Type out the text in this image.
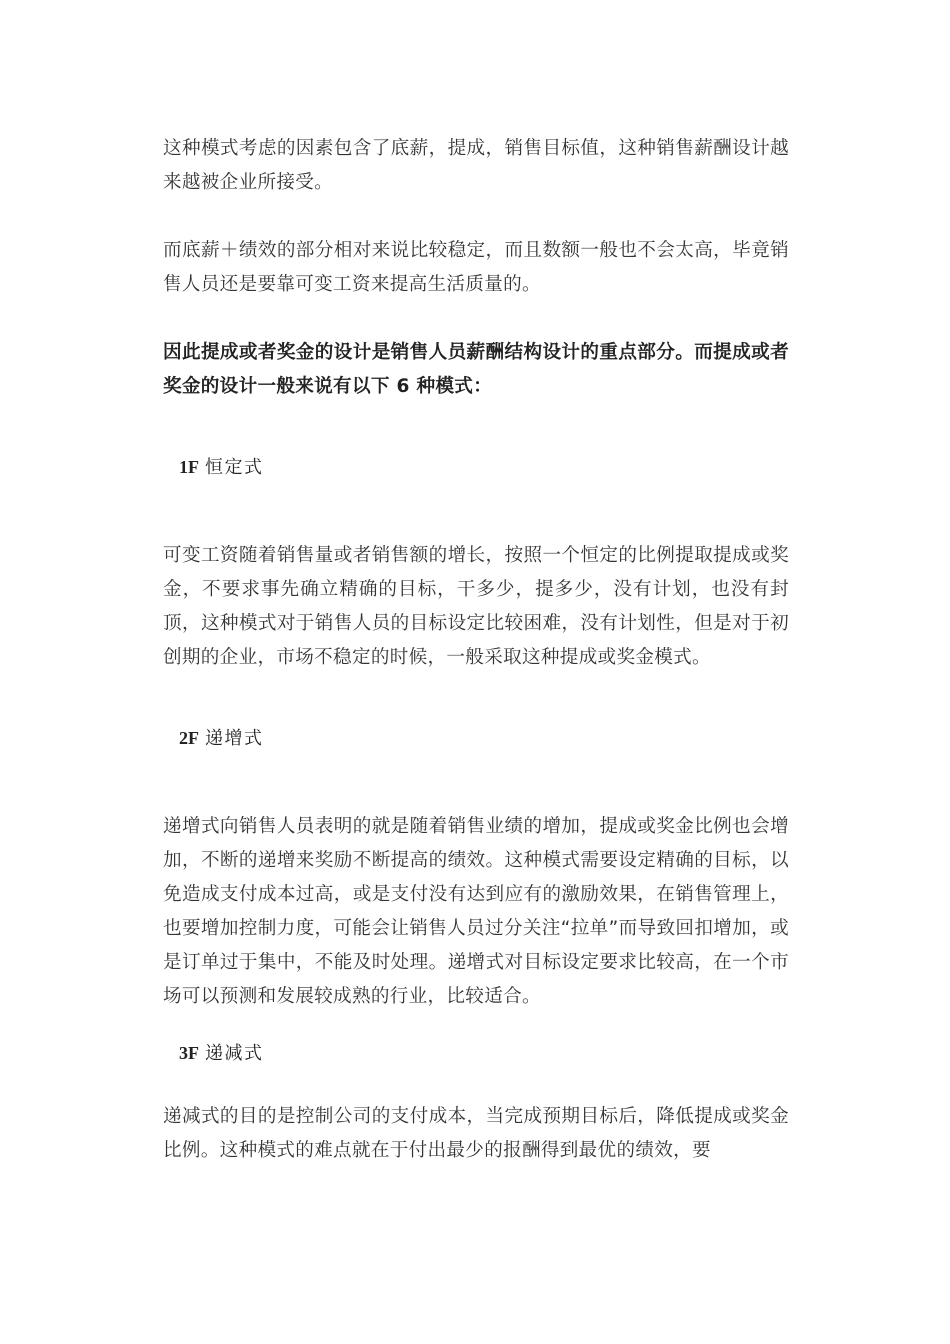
这种模式考虑的因素包含了底薪，提成，销售目标值，这种销售薪酬设计越来越被企业所接受。

而底薪＋绩效的部分相对来说比较稳定，而且数额一般也不会太高，毕竟销售人员还是要靠可变工资来提高生活质量的。

因此提成或者奖金的设计是销售人员薪酬结构设计的重点部分。而提成或者奖金的设计一般来说有以下 6 种模式：

1F 恒定式

可变工资随着销售量或者销售额的增长，按照一个恒定的比例提取提成或奖金，不要求事先确立精确的目标，干多少，提多少，没有计划，也没有封顶，这种模式对于销售人员的目标设定比较困难，没有计划性，但是对于初创期的企业，市场不稳定的时候，一般采取这种提成或奖金模式。

2F 递增式

递增式向销售人员表明的就是随着销售业绩的增加，提成或奖金比例也会增加，不断的递增来奖励不断提高的绩效。这种模式需要设定精确的目标，以免造成支付成本过高，或是支付没有达到应有的激励效果，在销售管理上，也要增加控制力度，可能会让销售人员过分关注“拉单”而导致回扣增加，或是订单过于集中，不能及时处理。递增式对目标设定要求比较高，在一个市场可以预测和发展较成熟的行业，比较适合。

3F 递减式

递减式的目的是控制公司的支付成本，当完成预期目标后，降低提成或奖金比例。这种模式的难点就在于付出最少的报酬得到最优的绩效，要
